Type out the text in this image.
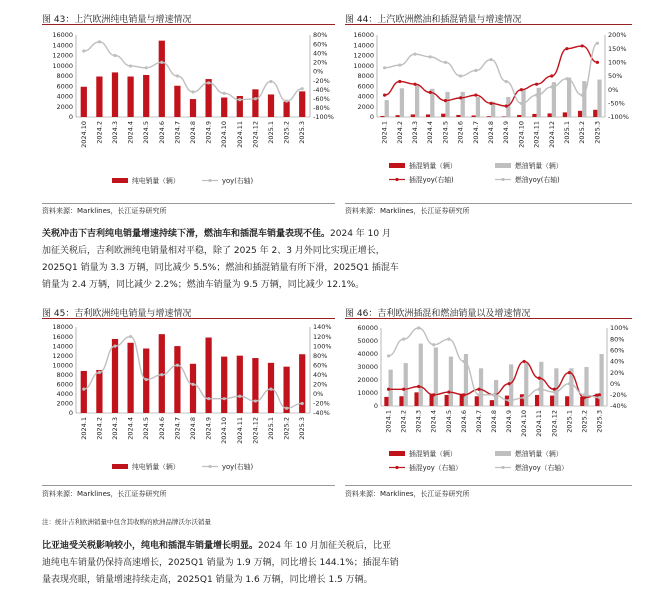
图 43：上汽欧洲纯电销量与增速情况
0
2000
4000
6000
8000
10000
12000
14000
16000
-100%
-80%
-60%
-40%
-20%
0%
20%
40%
60%
80%
2024.10 2024.2 2024.3 2024.4 2024.5 2024.6 2024.7 2024.8 2024.9 2024.10 2024.11 2024.12 2025.1 2025.2 2025.3
纯电销量（辆）	yoy(右轴)
资料来源：Marklines，长江证券研究所
图 44：上汽欧洲燃油和插混销量与增速情况
0
2000
4000
6000
8000
10000
12000
14000
16000
-100%
-50%
0%
50%
100%
150%
200%
2024.1 2024.2 2024.3 2024.4 2024.5 2024.6 2024.7 2024.8 2024.9 2024.10 2024.11 2024.12 2025.1 2025.2 2025.3
插混销量（辆）	燃油销量（辆）
插混yoy(右轴)	燃油yoy(右轴)
资料来源：Marklines，长江证券研究所
关税冲击下吉利纯电销量增速持续下滑，燃油车和插混车销量表现不佳。2024 年 10 月
加征关税后，吉利欧洲纯电销量相对平稳，除了 2025 年 2、3 月外同比实现正增长，
2025Q1 销量为 3.3 万辆，同比减少 5.5%；燃油和插混销量有所下滑，2025Q1 插混车
销量为 2.4 万辆，同比减少 2.2%；燃油车销量为 9.5 万辆，同比减少 12.1%。
图 45：吉利欧洲纯电销量与增速情况
0
2000
4000
6000
8000
10000
12000
14000
16000
18000
-40%
-20%
0%
20%
40%
60%
80%
100%
120%
140%
2024.1 2024.2 2024.3 2024.4 2024.5 2024.6 2024.7 2024.8 2024.9 2024.10 2024.11 2024.12 2025.1 2025.2 2025.3
纯电销量（辆）	yoy(右轴)
资料来源：Marklines，长江证券研究所
图 46：吉利欧洲插混和燃油销量以及增速情况
0
10000
20000
30000
40000
50000
60000
-40%
-20%
0%
20%
40%
60%
80%
100%
2024.1 2024.2 2024.3 2024.4 2024.5 2024.6 2024.7 2024.8 2024.9 2024.10 2024.11 2024.12 2025.1 2025.2 2025.3
插混销量（辆）	燃油销量（辆）
插混yoy（右轴）	燃油yoy（右轴）
资料来源：Marklines，长江证券研究所
注：统计吉利欧洲销量中包含其收购的欧洲品牌沃尔沃销量
比亚迪受关税影响较小，纯电和插混车销量增长明显。2024 年 10 月加征关税后，比亚
迪纯电车销量仍保持高速增长，2025Q1 销量为 1.9 万辆，同比增长 144.1%；插混车销
量表现亮眼，销量增速持续走高，2025Q1 销量为 1.6 万辆，同比增长 1.5 万辆。
